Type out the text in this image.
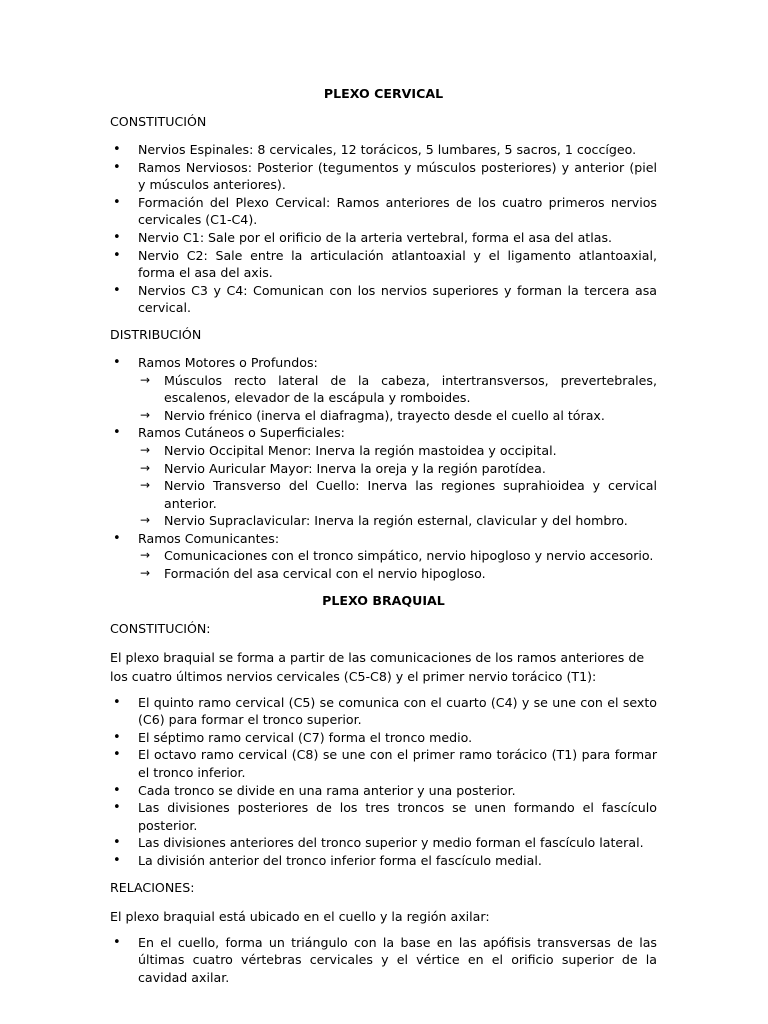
PLEXO CERVICAL
CONSTITUCIÓN
• Nervios Espinales: 8 cervicales, 12 torácicos, 5 lumbares, 5 sacros, 1 coccígeo.
• Ramos Nerviosos: Posterior (tegumentos y músculos posteriores) y anterior (piel y músculos anteriores).
• Formación del Plexo Cervical: Ramos anteriores de los cuatro primeros nervios cervicales (C1-C4).
• Nervio C1: Sale por el orificio de la arteria vertebral, forma el asa del atlas.
• Nervio C2: Sale entre la articulación atlantoaxial y el ligamento atlantoaxial, forma el asa del axis.
• Nervios C3 y C4: Comunican con los nervios superiores y forman la tercera asa cervical.
DISTRIBUCIÓN
• Ramos Motores o Profundos:
→ Músculos recto lateral de la cabeza, intertransversos, prevertebrales, escalenos, elevador de la escápula y romboides.
→ Nervio frénico (inerva el diafragma), trayecto desde el cuello al tórax.
• Ramos Cutáneos o Superficiales:
→ Nervio Occipital Menor: Inerva la región mastoidea y occipital.
→ Nervio Auricular Mayor: Inerva la oreja y la región parotídea.
→ Nervio Transverso del Cuello: Inerva las regiones suprahioidea y cervical anterior.
→ Nervio Supraclavicular: Inerva la región esternal, clavicular y del hombro.
• Ramos Comunicantes:
→ Comunicaciones con el tronco simpático, nervio hipogloso y nervio accesorio.
→ Formación del asa cervical con el nervio hipogloso.
PLEXO BRAQUIAL
CONSTITUCIÓN:
El plexo braquial se forma a partir de las comunicaciones de los ramos anteriores de los cuatro últimos nervios cervicales (C5-C8) y el primer nervio torácico (T1):
• El quinto ramo cervical (C5) se comunica con el cuarto (C4) y se une con el sexto (C6) para formar el tronco superior.
• El séptimo ramo cervical (C7) forma el tronco medio.
• El octavo ramo cervical (C8) se une con el primer ramo torácico (T1) para formar el tronco inferior.
• Cada tronco se divide en una rama anterior y una posterior.
• Las divisiones posteriores de los tres troncos se unen formando el fascículo posterior.
• Las divisiones anteriores del tronco superior y medio forman el fascículo lateral.
• La división anterior del tronco inferior forma el fascículo medial.
RELACIONES:
El plexo braquial está ubicado en el cuello y la región axilar:
• En el cuello, forma un triángulo con la base en las apófisis transversas de las últimas cuatro vértebras cervicales y el vértice en el orificio superior de la cavidad axilar.
